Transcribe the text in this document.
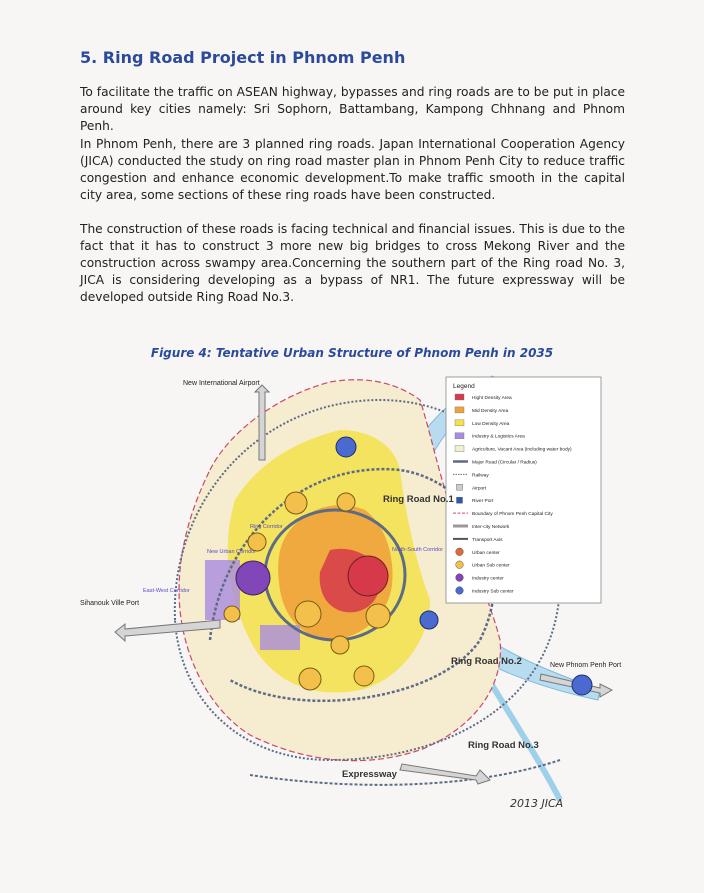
5. Ring Road Project in Phnom Penh

To facilitate the traffic on ASEAN highway, bypasses and ring roads are to be put in place around key cities namely: Sri Sophorn, Battambang, Kampong Chhnang and Phnom Penh.

In Phnom Penh, there are 3 planned ring roads. Japan International Cooperation Agency (JICA) conducted the study on ring road master plan in Phnom Penh City to reduce traffic congestion and enhance economic development.To make traffic smooth in the capital city area, some sections of these ring roads have been constructed.

The construction of these roads is facing technical and financial issues. This is due to the fact that it has to construct 3 more new big bridges to cross Mekong River and the construction across swampy area.Concerning the southern part of the Ring road No. 3, JICA is considering developing as a bypass of NR1. The future expressway will be developed outside Ring Road No.3.

Figure 4: Tentative Urban Structure of Phnom Penh in 2035
Legend
Hight Density Area
Mid Density Area
Low Density Area
Industry & Logistics Area
Agriculture, Vacant Area (including water body)
Major Road (Circular / Radius)
Railway
Airport
River Port
Boundary of Phnom Penh Capital City
Inter-city Network
Transport Axis
Urban center
Urban Sub center
Industry center
Industry Sub center
New International Airport
Sihanouk Ville Port
Ring Road No.1
Ring Road No.2
Ring Road No.3
Expressway
New Phnom Penh Port
Ring Corridor
New Urban Corridor
East-West Corridor
North-South Corridor
2013 JICA
